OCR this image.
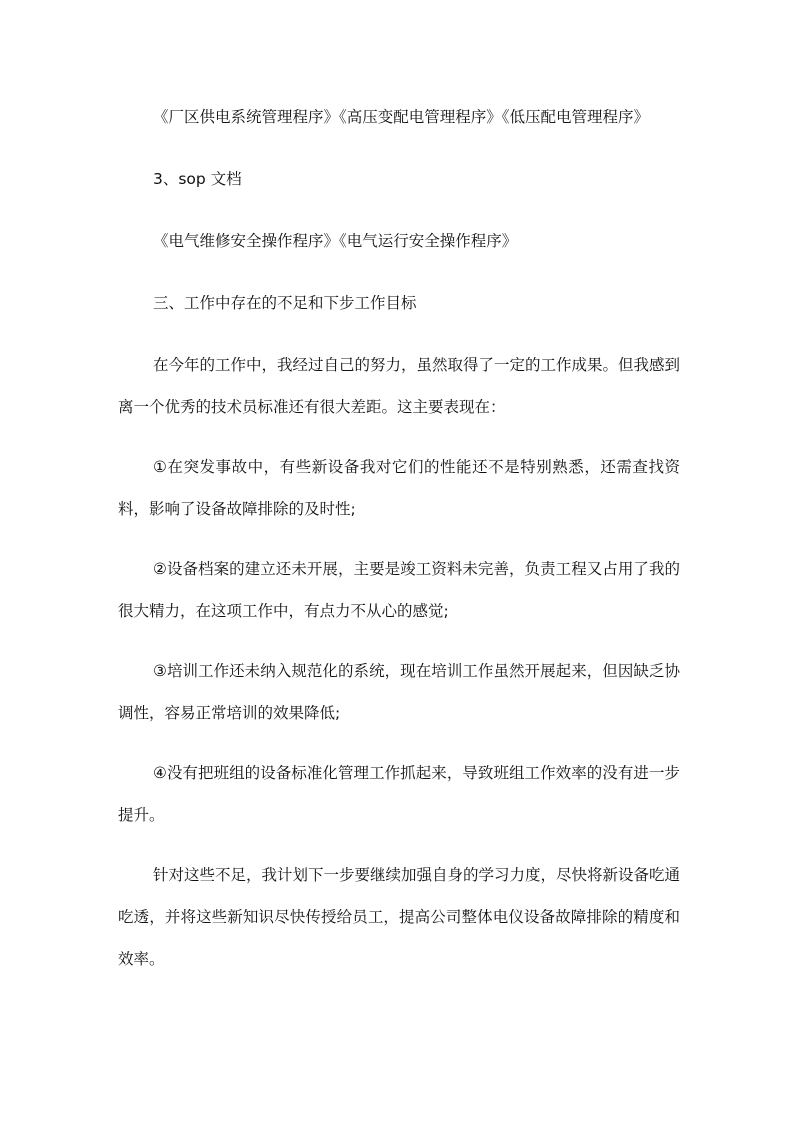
《厂区供电系统管理程序》《高压变配电管理程序》《低压配电管理程序》

3、sop 文档

《电气维修安全操作程序》《电气运行安全操作程序》

三、工作中存在的不足和下步工作目标

在今年的工作中，我经过自己的努力，虽然取得了一定的工作成果。但我感到离一个优秀的技术员标准还有很大差距。这主要表现在：

①在突发事故中，有些新设备我对它们的性能还不是特别熟悉，还需查找资料，影响了设备故障排除的及时性;

②设备档案的建立还未开展，主要是竣工资料未完善，负责工程又占用了我的很大精力，在这项工作中，有点力不从心的感觉;

③培训工作还未纳入规范化的系统，现在培训工作虽然开展起来，但因缺乏协调性，容易正常培训的效果降低;

④没有把班组的设备标准化管理工作抓起来，导致班组工作效率的没有进一步提升。

针对这些不足，我计划下一步要继续加强自身的学习力度，尽快将新设备吃通吃透，并将这些新知识尽快传授给员工，提高公司整体电仪设备故障排除的精度和效率。
